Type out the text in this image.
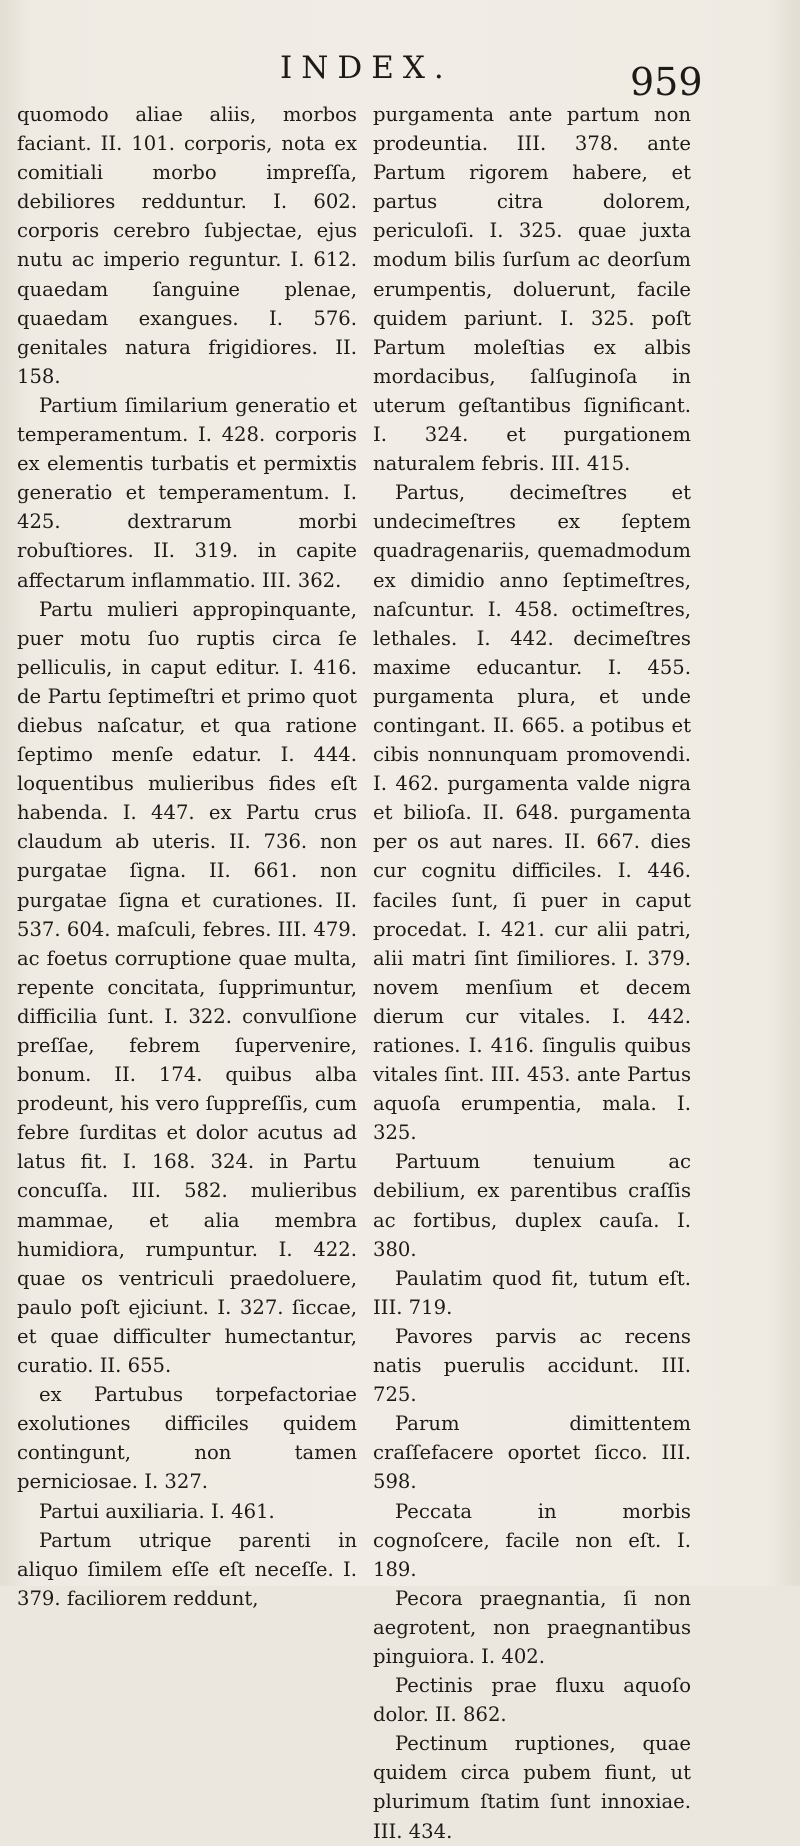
INDEX.	959

quomodo aliae aliis, morbos faciant. II. 101. corporis, nota ex comitiali morbo impreſſa, debiliores redduntur. I. 602. corporis cerebro ſubjectae, ejus nutu ac imperio reguntur. I. 612. quaedam ſanguine plenae, quaedam exangues. I. 576. genitales natura frigidiores. II. 158.

Partium ſimilarium generatio et temperamentum. I. 428. corporis ex elementis turbatis et permixtis generatio et temperamentum. I. 425. dextrarum morbi robuſtiores. II. 319. in capite affectarum inflammatio. III. 362.

Partu mulieri appropinquante, puer motu ſuo ruptis circa ſe pelliculis, in caput editur. I. 416. de Partu ſeptimeſtri et primo quot diebus naſcatur, et qua ratione ſeptimo menſe edatur. I. 444. loquentibus mulieribus fides eſt habenda. I. 447. ex Partu crus claudum ab uteris. II. 736. non purgatae ſigna. II. 661. non purgatae ſigna et curationes. II. 537. 604. maſculi, febres. III. 479. ac foetus corruptione quae multa, repente concitata, ſupprimuntur, difficilia ſunt. I. 322. convulſione preſſae, febrem ſupervenire, bonum. II. 174. quibus alba prodeunt, his vero ſuppreſſis, cum febre ſurditas et dolor acutus ad latus fit. I. 168. 324. in Partu concuſſa. III. 582. mulieribus mammae, et alia membra humidiora, rumpuntur. I. 422. quae os ventriculi praedoluere, paulo poſt ejiciunt. I. 327. ſiccae, et quae difficulter humectantur, curatio. II. 655.

ex Partubus torpefactoriae exolutiones difficiles quidem contingunt, non tamen perniciosae. I. 327.

Partui auxiliaria. I. 461.

Partum utrique parenti in aliquo ſimilem eſſe eſt neceſſe. I. 379. faciliorem reddunt,

purgamenta ante partum non prodeuntia. III. 378. ante Partum rigorem habere, et partus citra dolorem, periculoſi. I. 325. quae juxta modum bilis ſurſum ac deorſum erumpentis, doluerunt, facile quidem pariunt. I. 325. poſt Partum moleſtias ex albis mordacibus, ſalſuginoſa in uterum geſtantibus ſignificant. I. 324. et purgationem naturalem febris. III. 415.

Partus, decimeſtres et undecimeſtres ex ſeptem quadragenariis, quemadmodum ex dimidio anno ſeptimeſtres, naſcuntur. I. 458. octimeſtres, lethales. I. 442. decimeſtres maxime educantur. I. 455. purgamenta plura, et unde contingant. II. 665. a potibus et cibis nonnunquam promovendi. I. 462. purgamenta valde nigra et bilioſa. II. 648. purgamenta per os aut nares. II. 667. dies cur cognitu difficiles. I. 446. faciles ſunt, ſi puer in caput procedat. I. 421. cur alii patri, alii matri ſint ſimiliores. I. 379. novem menſium et decem dierum cur vitales. I. 442. rationes. I. 416. ſingulis quibus vitales ſint. III. 453. ante Partus aquoſa erumpentia, mala. I. 325.

Partuum tenuium ac debilium, ex parentibus craſſis ac fortibus, duplex cauſa. I. 380.

Paulatim quod fit, tutum eſt. III. 719.

Pavores parvis ac recens natis puerulis accidunt. III. 725.

Parum dimittentem craſſefacere oportet ſicco. III. 598.

Peccata in morbis cognoſcere, facile non eſt. I. 189.

Pecora praegnantia, ſi non aegrotent, non praegnantibus pinguiora. I. 402.

Pectinis prae fluxu aquoſo dolor. II. 862.

Pectinum ruptiones, quae quidem circa pubem fiunt, ut plurimum ſtatim ſunt innoxiae. III. 434.
